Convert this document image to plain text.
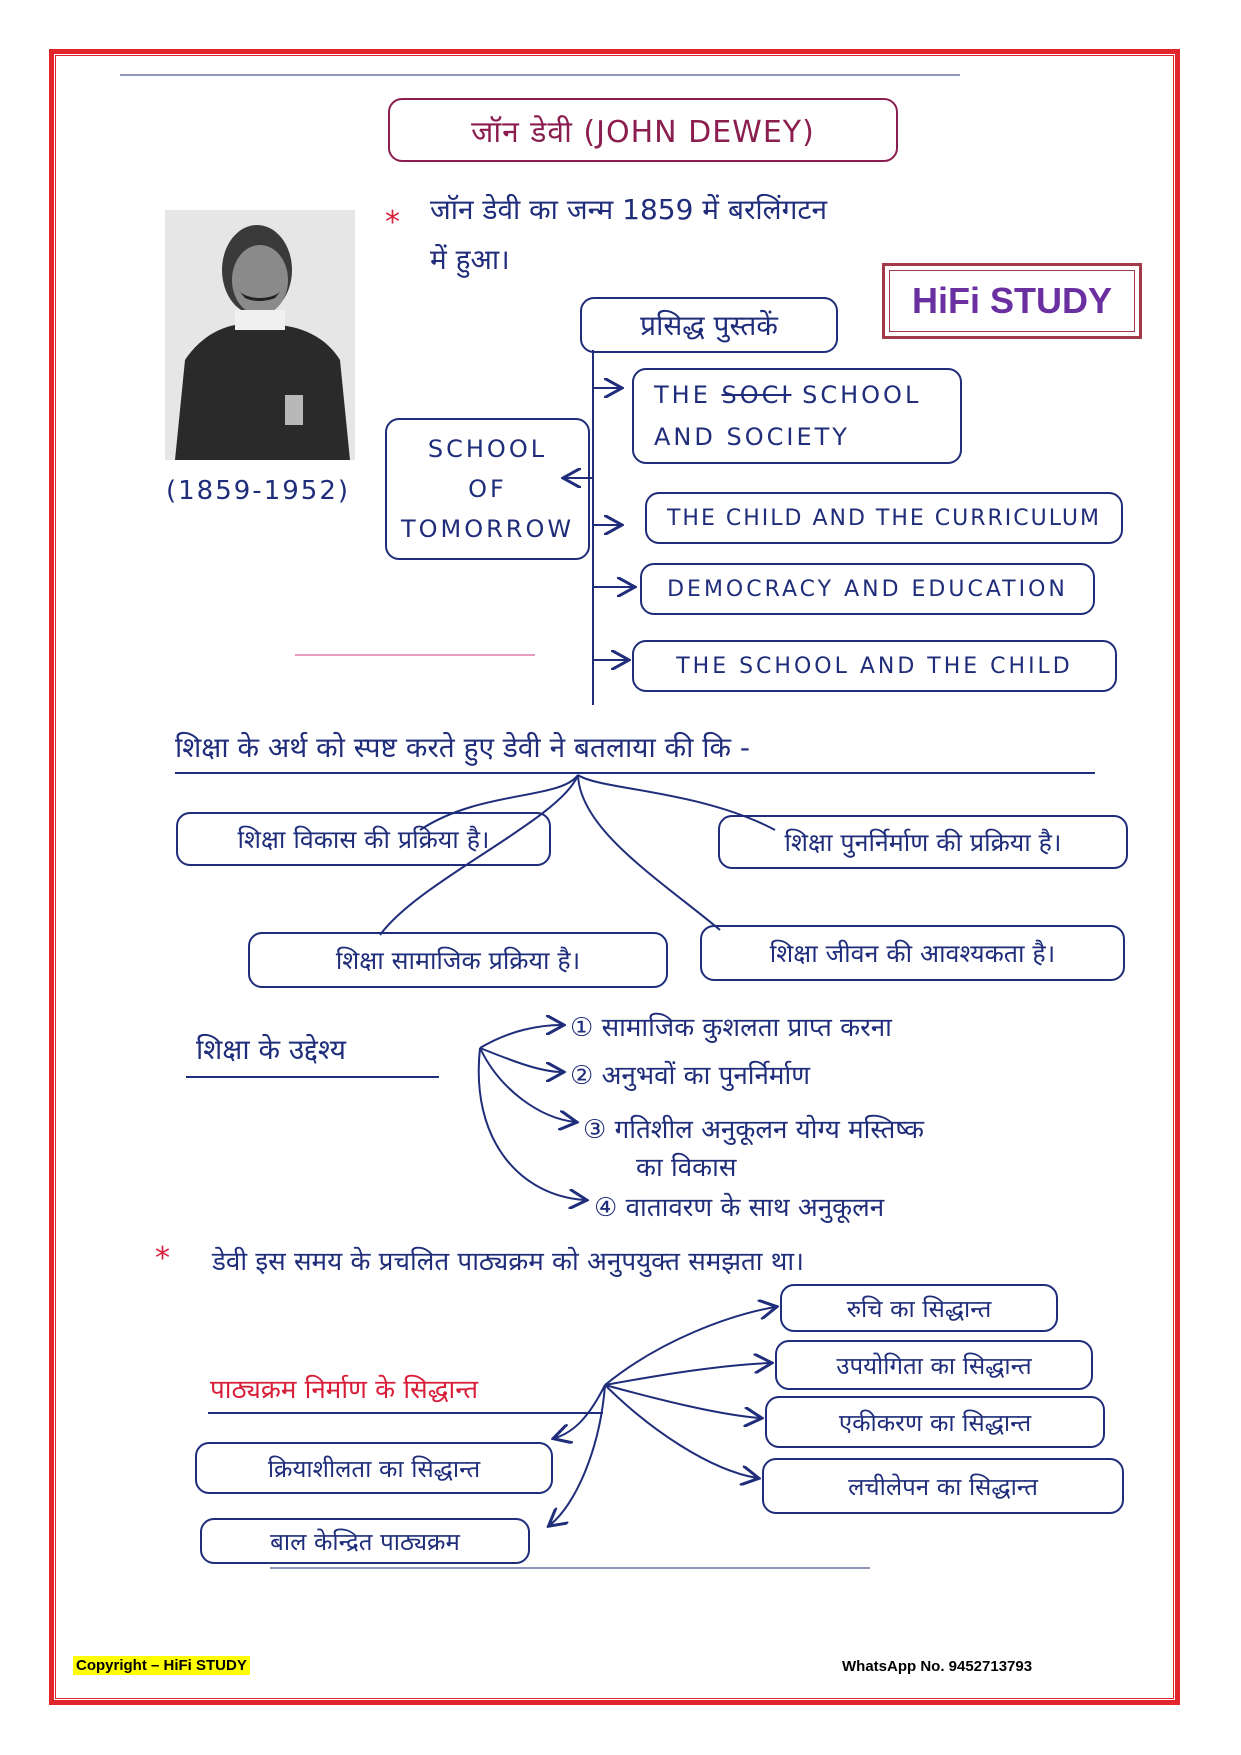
*
*
जॉन डेवी (JOHN DEWEY)
जॉन डेवी का जन्म 1859 में बरलिंगटन
में हुआ।
(1859-1952)
HiFi STUDY
प्रसिद्ध पुस्तकें
SCHOOL
OF
TOMORROW
THE SOCI SCHOOL
AND SOCIETY
THE CHILD AND THE CURRICULUM
DEMOCRACY AND EDUCATION
THE SCHOOL AND THE CHILD
शिक्षा के अर्थ को स्पष्ट करते हुए डेवी ने बतलाया की कि -
शिक्षा विकास की प्रक्रिया है।	शिक्षा पुनर्निर्माण की प्रक्रिया है।
शिक्षा सामाजिक प्रक्रिया है।	शिक्षा जीवन की आवश्यकता है।
शिक्षा के उद्देश्य
① सामाजिक कुशलता प्राप्त करना
② अनुभवों का पुनर्निर्माण
③ गतिशील अनुकूलन योग्य मस्तिष्क
का विकास
④ वातावरण के साथ अनुकूलन
डेवी इस समय के प्रचलित पाठ्यक्रम को अनुपयुक्त समझता था।
पाठ्यक्रम निर्माण के सिद्धान्त
रुचि का सिद्धान्त
उपयोगिता का सिद्धान्त
एकीकरण का सिद्धान्त
लचीलेपन का सिद्धान्त
क्रियाशीलता का सिद्धान्त
बाल केन्द्रित पाठ्यक्रम
Copyright – HiFi STUDY	WhatsApp No. 9452713793
